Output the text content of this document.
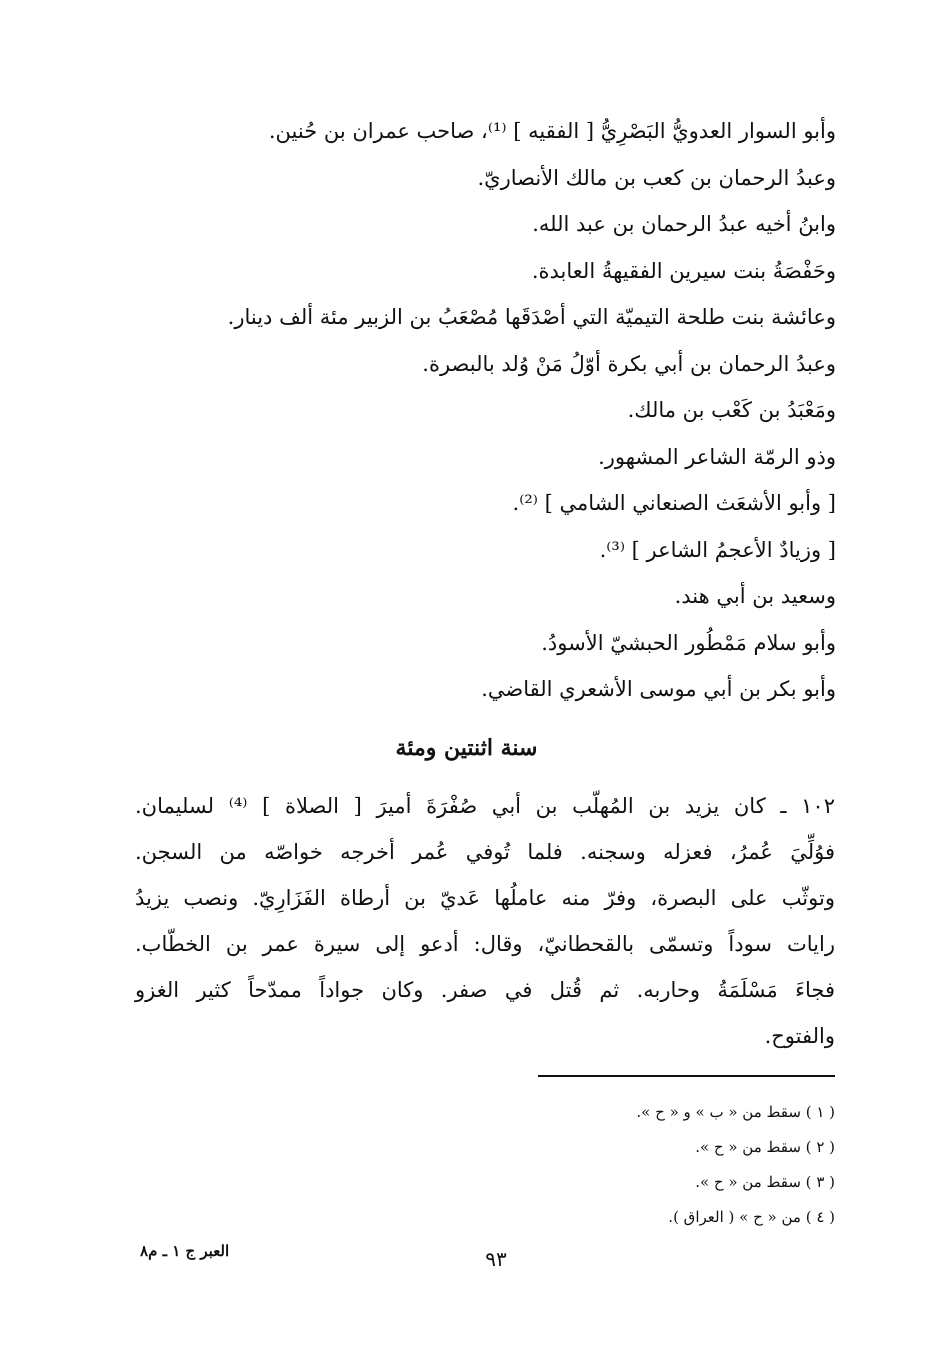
وأبو السوار العدويُّ البَصْرِيُّ [ الفقيه ] ⁽¹⁾، صاحب عمران بن حُنين.
وعبدُ الرحمان بن كعب بن مالك الأنصاريّ.
وابنُ أخيه عبدُ الرحمان بن عبد الله.
وحَفْصَةُ بنت سيرين الفقيهةُ العابدة.
وعائشة بنت طلحة التيميّة التي أصْدَقَها مُصْعَبُ بن الزبير مئة ألف دينار.
وعبدُ الرحمان بن أبي بكرة أوّلُ مَنْ وُلد بالبصرة.
ومَعْبَدُ بن كَعْب بن مالك.
وذو الرمّة الشاعر المشهور.
[ وأبو الأشعَث الصنعاني الشامي ] ⁽²⁾.
[ وزيادٌ الأعجمُ الشاعر ] ⁽³⁾.
وسعيد بن أبي هند.
وأبو سلام مَمْطُور الحبشيّ الأسودُ.
وأبو بكر بن أبي موسى الأشعري القاضي.
سنة اثنتين ومئة
١٠٢ ـ كان يزيد بن المُهلّب بن أبي صُفْرَةَ أميرَ [ الصلاة ] ⁽⁴⁾ لسليمان.
فوُلِّيَ عُمرُ، فعزله وسجنه. فلما تُوفي عُمر أخرجه خواصّه من السجن.
وتوثّب على البصرة، وفرّ منه عاملُها عَديّ بن أرطاة الفَزَارِيّ. ونصب يزيدُ
رايات سوداً وتسمّى بالقحطانيّ، وقال: أدعو إلى سيرة عمر بن الخطّاب.
فجاءَ مَسْلَمَةُ وحاربه. ثم قُتل في صفر. وكان جواداً ممدّحاً كثير الغزو
والفتوح.
( ١ ) سقط من « ب » و « ح ».
( ٢ ) سقط من « ح ».
( ٣ ) سقط من « ح ».
( ٤ ) من « ح » ( العراق ).
العبر ج ١ ـ م٨	٩٣
